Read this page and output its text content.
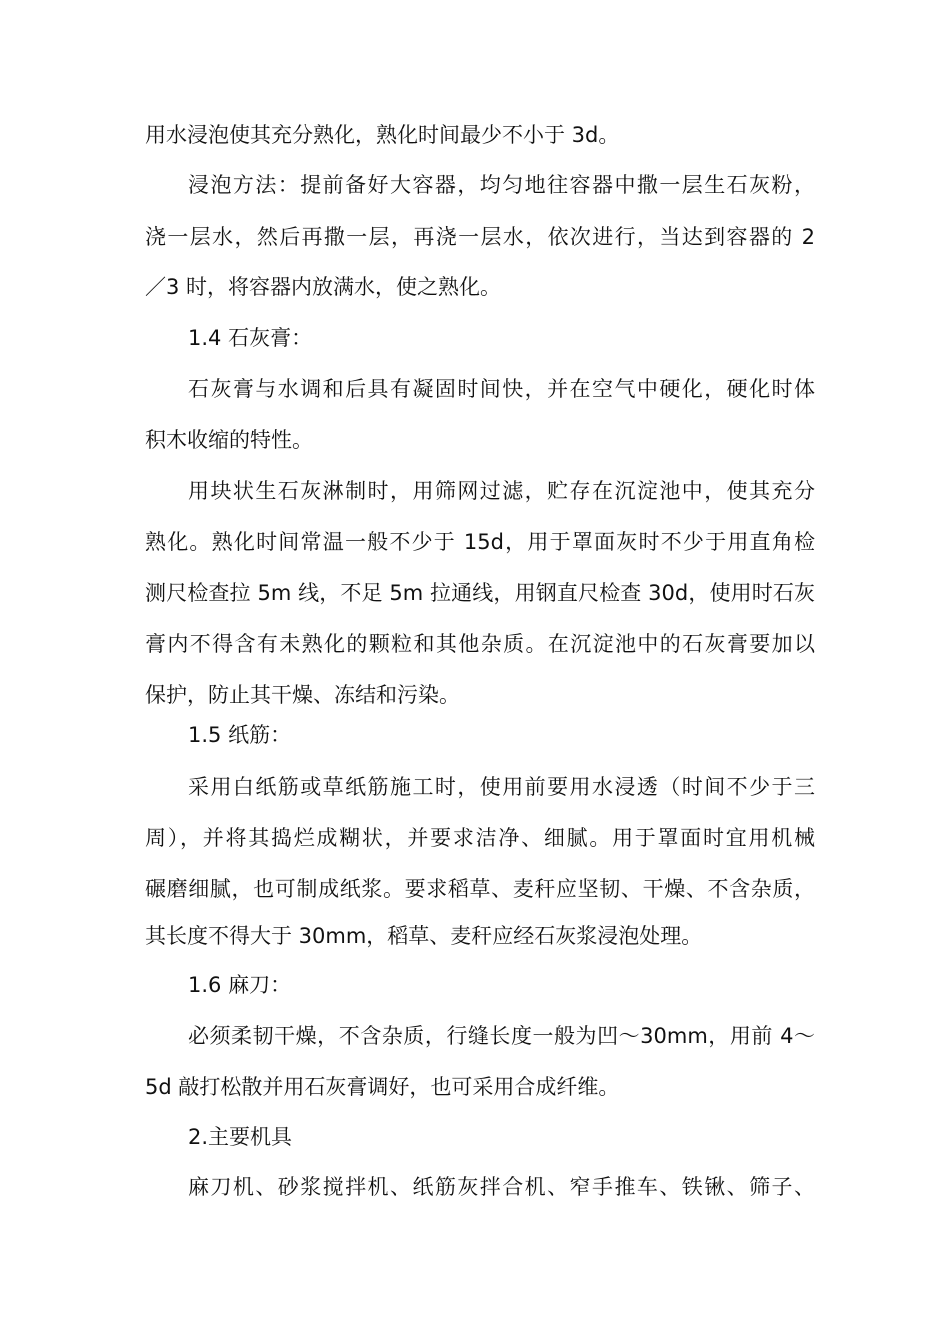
用水浸泡使其充分熟化，熟化时间最少不小于 3d。
浸泡方法：提前备好大容器，均匀地往容器中撒一层生石灰粉，
浇一层水，然后再撒一层，再浇一层水，依次进行，当达到容器的 2
／3 时，将容器内放满水，使之熟化。
1.4 石灰膏：
石灰膏与水调和后具有凝固时间快，并在空气中硬化，硬化时体
积木收缩的特性。
用块状生石灰淋制时，用筛网过滤，贮存在沉淀池中，使其充分
熟化。熟化时间常温一般不少于 15d，用于罩面灰时不少于用直角检
测尺检查拉 5m 线，不足 5m 拉通线，用钢直尺检查 30d，使用时石灰
膏内不得含有未熟化的颗粒和其他杂质。在沉淀池中的石灰膏要加以
保护，防止其干燥、冻结和污染。
1.5 纸筋：
采用白纸筋或草纸筋施工时，使用前要用水浸透（时间不少于三
周），并将其捣烂成糊状，并要求洁净、细腻。用于罩面时宜用机械
碾磨细腻，也可制成纸浆。要求稻草、麦秆应坚韧、干燥、不含杂质，
其长度不得大于 30mm，稻草、麦秆应经石灰浆浸泡处理。
1.6 麻刀：
必须柔韧干燥，不含杂质，行缝长度一般为凹～30mm，用前 4～
5d 敲打松散并用石灰膏调好，也可采用合成纤维。
2.主要机具
麻刀机、砂浆搅拌机、纸筋灰拌合机、窄手推车、铁锹、筛子、
